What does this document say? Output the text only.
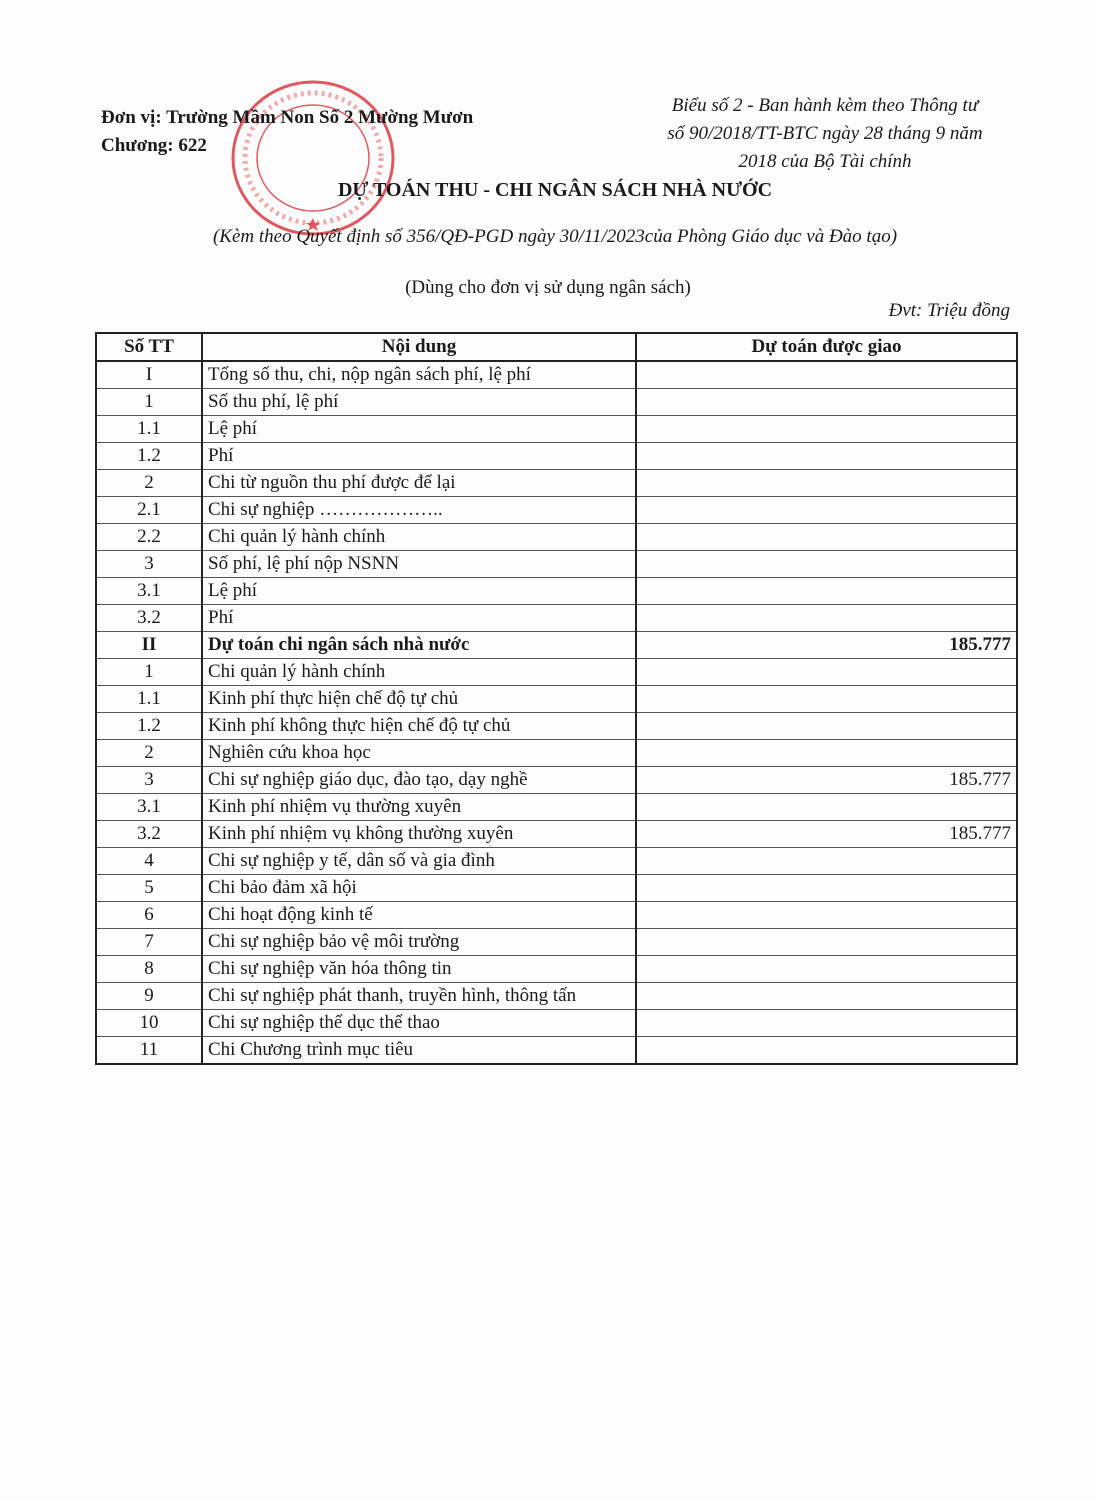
Đơn vị: Trường Mầm Non Số 2 Mường Mươn
Chương: 622
Biểu số 2 - Ban hành kèm theo Thông tư
số 90/2018/TT-BTC ngày 28 tháng 9 năm
2018 của Bộ Tài chính
DỰ TOÁN THU - CHI NGÂN SÁCH NHÀ NƯỚC
(Kèm theo Quyết định số 356/QĐ-PGD ngày 30/11/2023của Phòng Giáo dục và Đào tạo)
(Dùng cho đơn vị sử dụng ngân sách)
Đvt: Triệu đồng
Số TT	Nội dung	Dự toán được giao
I	Tổng số thu, chi, nộp ngân sách phí, lệ phí	
1	Số thu phí, lệ phí	
1.1	Lệ phí	
1.2	Phí	
2	Chi từ nguồn thu phí được để lại	
2.1	Chi sự nghiệp ………………..	
2.2	Chi quản lý hành chính	
3	Số phí, lệ phí nộp NSNN	
3.1	Lệ phí	
3.2	Phí	
II	Dự toán chi ngân sách nhà nước	185.777
1	Chi quản lý hành chính	
1.1	Kinh phí thực hiện chế độ tự chủ	
1.2	Kinh phí không thực hiện chế độ tự chủ	
2	Nghiên cứu khoa học	
3	Chi sự nghiệp giáo dục, đào tạo, dạy nghề	185.777
3.1	Kinh phí nhiệm vụ thường xuyên	
3.2	Kinh phí nhiệm vụ không thường xuyên	185.777
4	Chi sự nghiệp y tế, dân số và gia đình	
5	Chi bảo đảm xã hội	
6	Chi hoạt động kinh tế	
7	Chi sự nghiệp bảo vệ môi trường	
8	Chi sự nghiệp văn hóa thông tin	
9	Chi sự nghiệp phát thanh, truyền hình, thông tấn	
10	Chi sự nghiệp thể dục thể thao	
11	Chi Chương trình mục tiêu	
